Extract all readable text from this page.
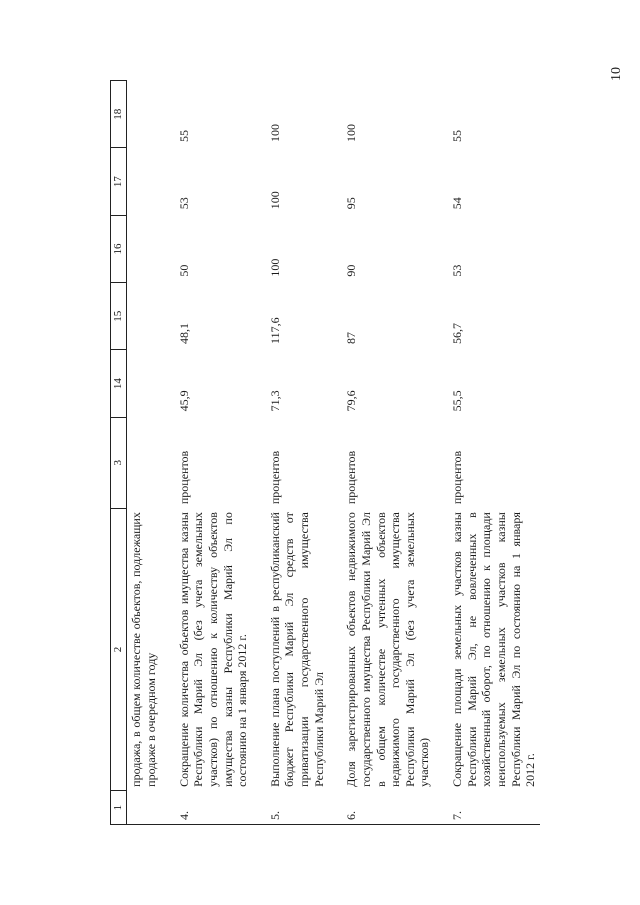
10
1	2	3	14	15	16	17	18
	продажа, в общем количестве объектов, подлежащих продаже в очередном году						

4.	Сокращение количества объектов имущества казны Республики Марий Эл (без учета земельных участков) по отношению к количеству объектов имущества казны Республики Марий Эл по состоянию на 1 января 2012 г.	процентов	45,9	48,1	50	53	55

5.	Выполнение плана поступлений в республиканский бюджет Республики Марий Эл средств от приватизации государственного имущества Республики Марий Эл	процентов	71,3	117,6	100	100	100

6.	Доля зарегистрированных объектов недвижимого государственного имущества Республики Марий Эл в общем количестве учтенных объектов недвижимого государственного имущества Республики Марий Эл (без учета земельных участков)	процентов	79,6	87	90	95	100

7.	Сокращение площади земельных участков казны Республики Марий Эл, не вовлеченных в хозяйственный оборот, по отношению к площади неиспользуемых земельных участков казны Республики Марий Эл по состоянию на 1 января 2012 г.	процентов	55,5	56,7	53	54	55
